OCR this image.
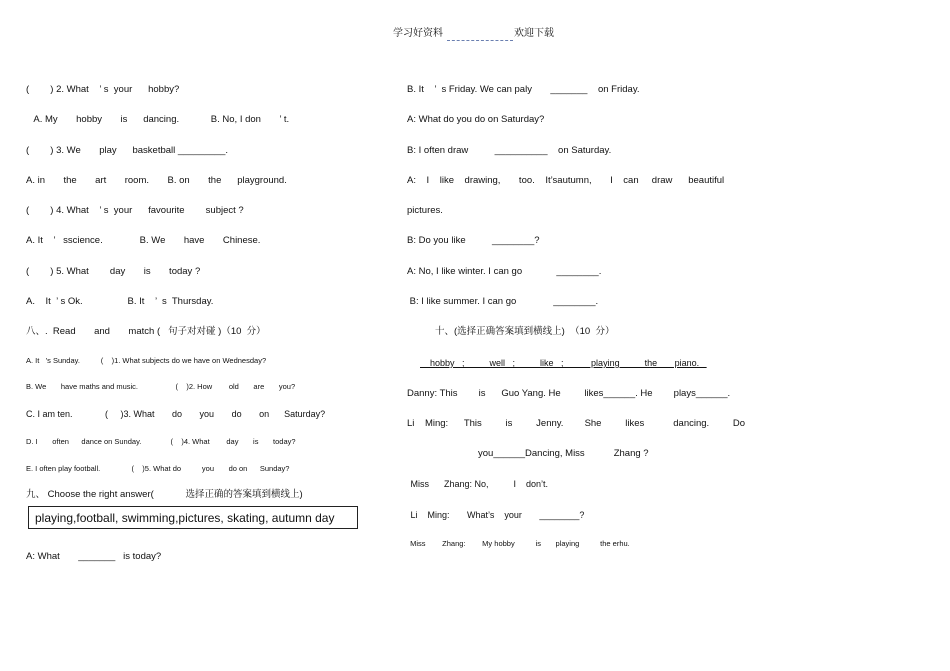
学习好资料	欢迎下载
(        ) 2. What    ’ s  your      hobby?
A. My       hobby       is      dancing.            B. No, I don       ’ t.
(        ) 3. We       play      basketball _________.
A. in       the       art       room.       B. on       the      playground.
(        ) 4. What    ’ s  your      favourite        subject ?
A. It    ’   sscience.              B. We       have       Chinese.
(        ) 5. What        day       is       today ?
A.    It  ’ s Ok.                 B. It    ’  s  Thursday.
八、.  Read       and       match (   句子对对碰 )（10  分）
A. It   ’s Sunday.          (    )1. What subjects do we have on Wednesday?
B. We       have maths and music.                  (    )2. How        old       are       you?
C. I am ten.             (     )3. What       do       you       do       on      Saturday?
D. I       often      dance on Sunday.              (    )4. What        day       is       today?
E. I often play football.               (    )5. What do          you       do on      Sunday?
九、 Choose the right answer(            选择正确的答案填到横线上)
playing,football, swimming,pictures, skating, autumn day
A: What       _______   is today?
B. It    ’  s Friday. We can paly       _______    on Friday.
A: What do you do on Saturday?
B: I often draw          __________    on Saturday.
A:    I    like    drawing,       too.    It’sautumn,       I    can     draw      beautiful
pictures.
B: Do you like          ________?
A: No, I like winter. I can go             ________.
B: I like summer. I can go              ________.
十、(选择正确答案填到横线上)  （10  分）
hobby   ;          well   ;          like   ;           playing          the       piano.
Danny: This        is      Guo Yang. He         likes______. He        plays______.
Li    Ming:      This         is         Jenny.        She         likes           dancing.         Do
you______Dancing, Miss           Zhang ?
Miss      Zhang: No,          I    don’t.
Li    Ming:       What’s    your       ________?
Miss        Zhang:        My hobby          is       playing          the erhu.
